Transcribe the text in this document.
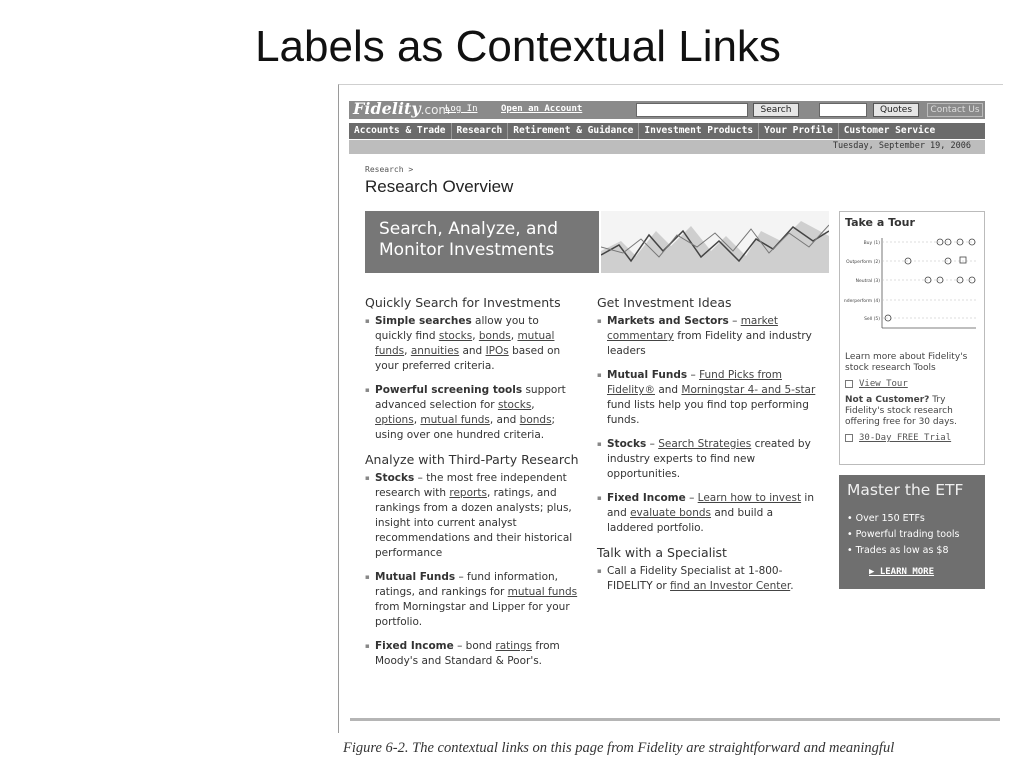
Labels as Contextual Links
Fidelity.com
Log In	Open an Account	Search	Quotes	Contact Us
Accounts & Trade	Research	Retirement & Guidance	Investment Products	Your Profile	Customer Service
Tuesday, September 19, 2006
Research >
Research Overview
Search, Analyze, and
Monitor Investments
Quickly Search for Investments
▪ Simple searches allow you to quickly find stocks, bonds, mutual funds, annuities and IPOs based on your preferred criteria.
▪ Powerful screening tools support advanced selection for stocks, options, mutual funds, and bonds; using over one hundred criteria.
Analyze with Third-Party Research
▪ Stocks – the most free independent research with reports, ratings, and rankings from a dozen analysts; plus, insight into current analyst recommendations and their historical performance
▪ Mutual Funds – fund information, ratings, and rankings for mutual funds from Morningstar and Lipper for your portfolio.
▪ Fixed Income – bond ratings from Moody's and Standard & Poor's.
Get Investment Ideas
▪ Markets and Sectors – market commentary from Fidelity and industry leaders
▪ Mutual Funds – Fund Picks from Fidelity® and Morningstar 4- and 5-star fund lists help you find top performing funds.
▪ Stocks – Search Strategies created by industry experts to find new opportunities.
▪ Fixed Income – Learn how to invest in and evaluate bonds and build a laddered portfolio.
Talk with a Specialist
▪ Call a Fidelity Specialist at 1-800-FIDELITY or find an Investor Center.
Take a Tour
Buy (1)
Outperform (2)
Neutral (3)
Underperform (4)
Sell (5)
Learn more about Fidelity's stock research Tools
View Tour
Not a Customer? Try Fidelity's stock research offering free for 30 days.
30-Day FREE Trial
Master the ETF
• Over 150 ETFs
• Powerful trading tools
• Trades as low as $8
▶ LEARN MORE
Figure 6-2. The contextual links on this page from Fidelity are straightforward and meaningful
